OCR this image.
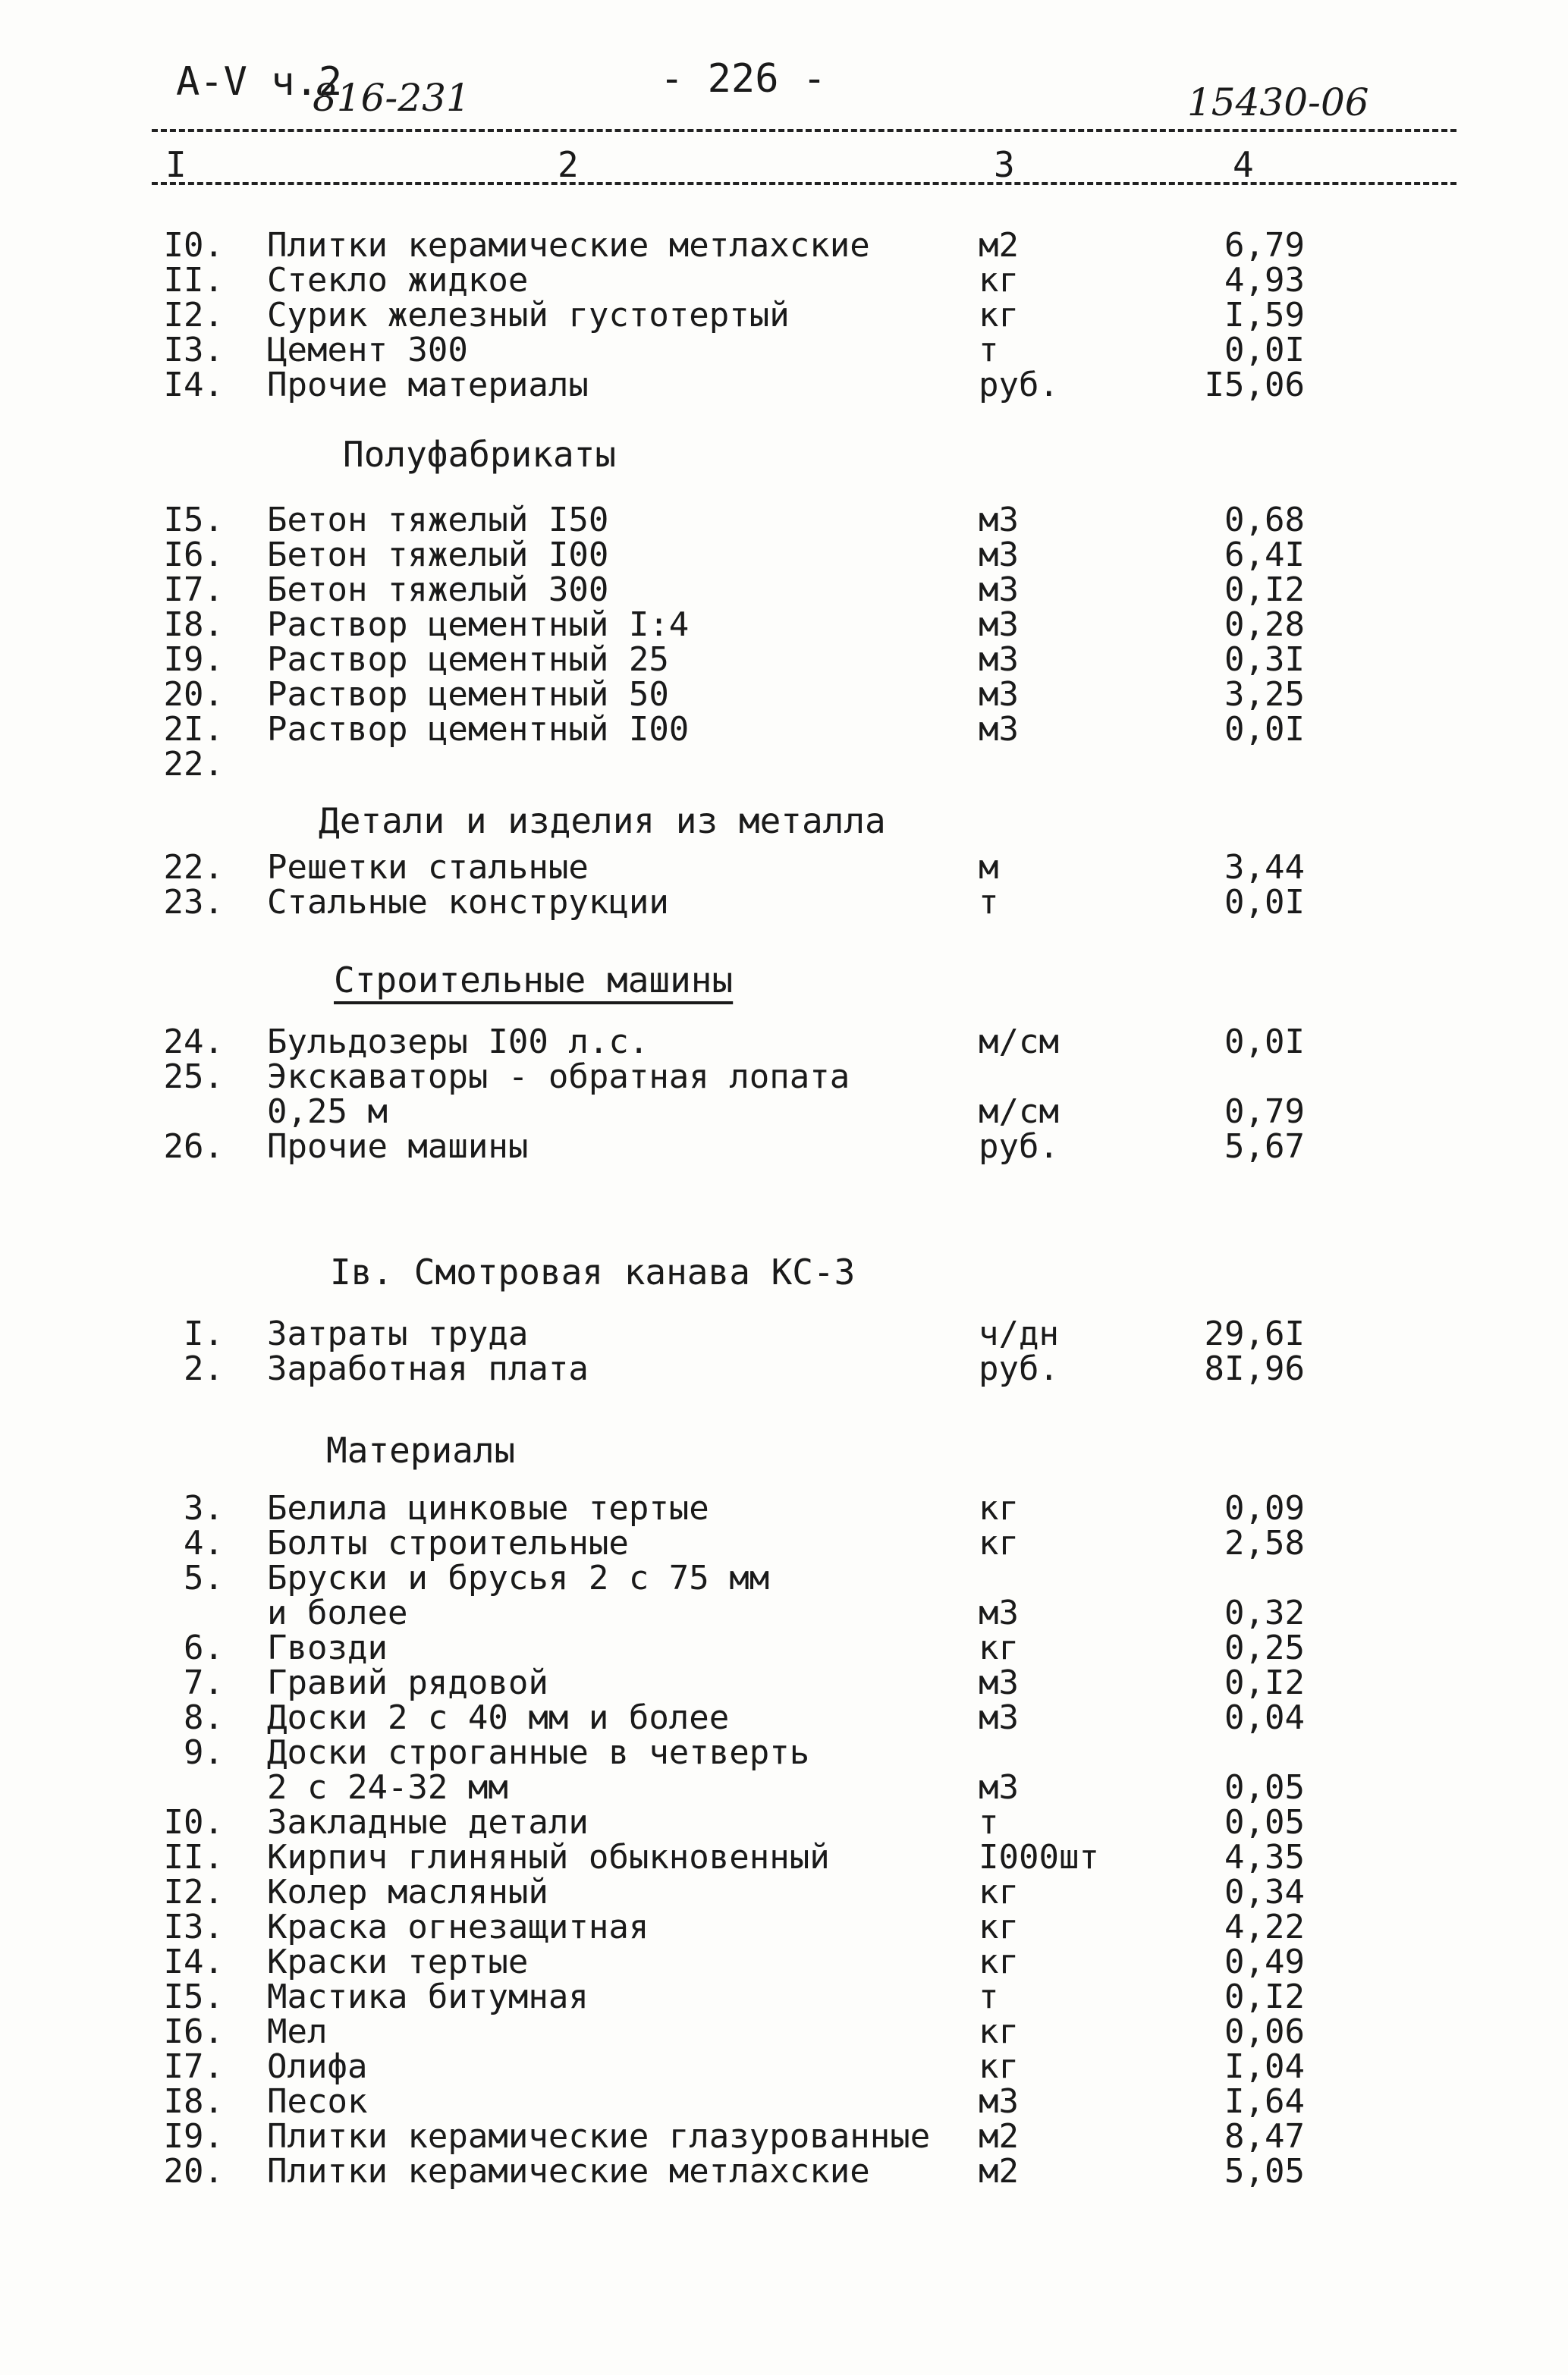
А-V ч.2
816-231	- 226 -
15430-06
I	2	3	4
Полуфабрикаты
Детали и изделия из металла
Строительные машины
Iв. Смотровая канава КС-3
Материалы
I0. Плитки керамические метлахские	м2	6,79
II. Стекло жидкое	кг	4,93
I2. Сурик железный густотертый	кг	I,59
I3. Цемент 300	т	0,0I
I4. Прочие материалы	руб.	I5,06
I5. Бетон тяжелый I50	м3	0,68
I6. Бетон тяжелый I00	м3	6,4I
I7. Бетон тяжелый 300	м3	0,I2
I8. Раствор цементный I:4	м3	0,28
I9. Раствор цементный 25	м3	0,3I
20. Раствор цементный 50	м3	3,25
2I. Раствор цементный I00	м3	0,0I
22.
22. Решетки стальные	м	3,44
23. Стальные конструкции	т	0,0I
24. Бульдозеры I00 л.с.	м/см	0,0I
25. Экскаваторы - обратная лопата
0,25 м	м/см	0,79
26. Прочие машины	руб.	5,67
I. Затраты труда	ч/дн	29,6I
2. Заработная плата	руб.	8I,96
3. Белила цинковые тертые	кг	0,09
4. Болты строительные	кг	2,58
5. Бруски и брусья 2 с 75 мм
и более	м3	0,32
6. Гвозди	кг	0,25
7. Гравий рядовой	м3	0,I2
8. Доски 2 с 40 мм и более	м3	0,04
9. Доски строганные в четверть
2 с 24-32 мм	м3	0,05
I0. Закладные детали	т	0,05
II. Кирпич глиняный обыкновенный	I000шт	4,35
I2. Колер масляный	кг	0,34
I3. Краска огнезащитная	кг	4,22
I4. Краски тертые	кг	0,49
I5. Мастика битумная	т	0,I2
I6. Мел	кг	0,06
I7. Олифа	кг	I,04
I8. Песок	м3	I,64
I9. Плитки керамические глазурованные м2	8,47
20. Плитки керамические метлахские	м2	5,05
